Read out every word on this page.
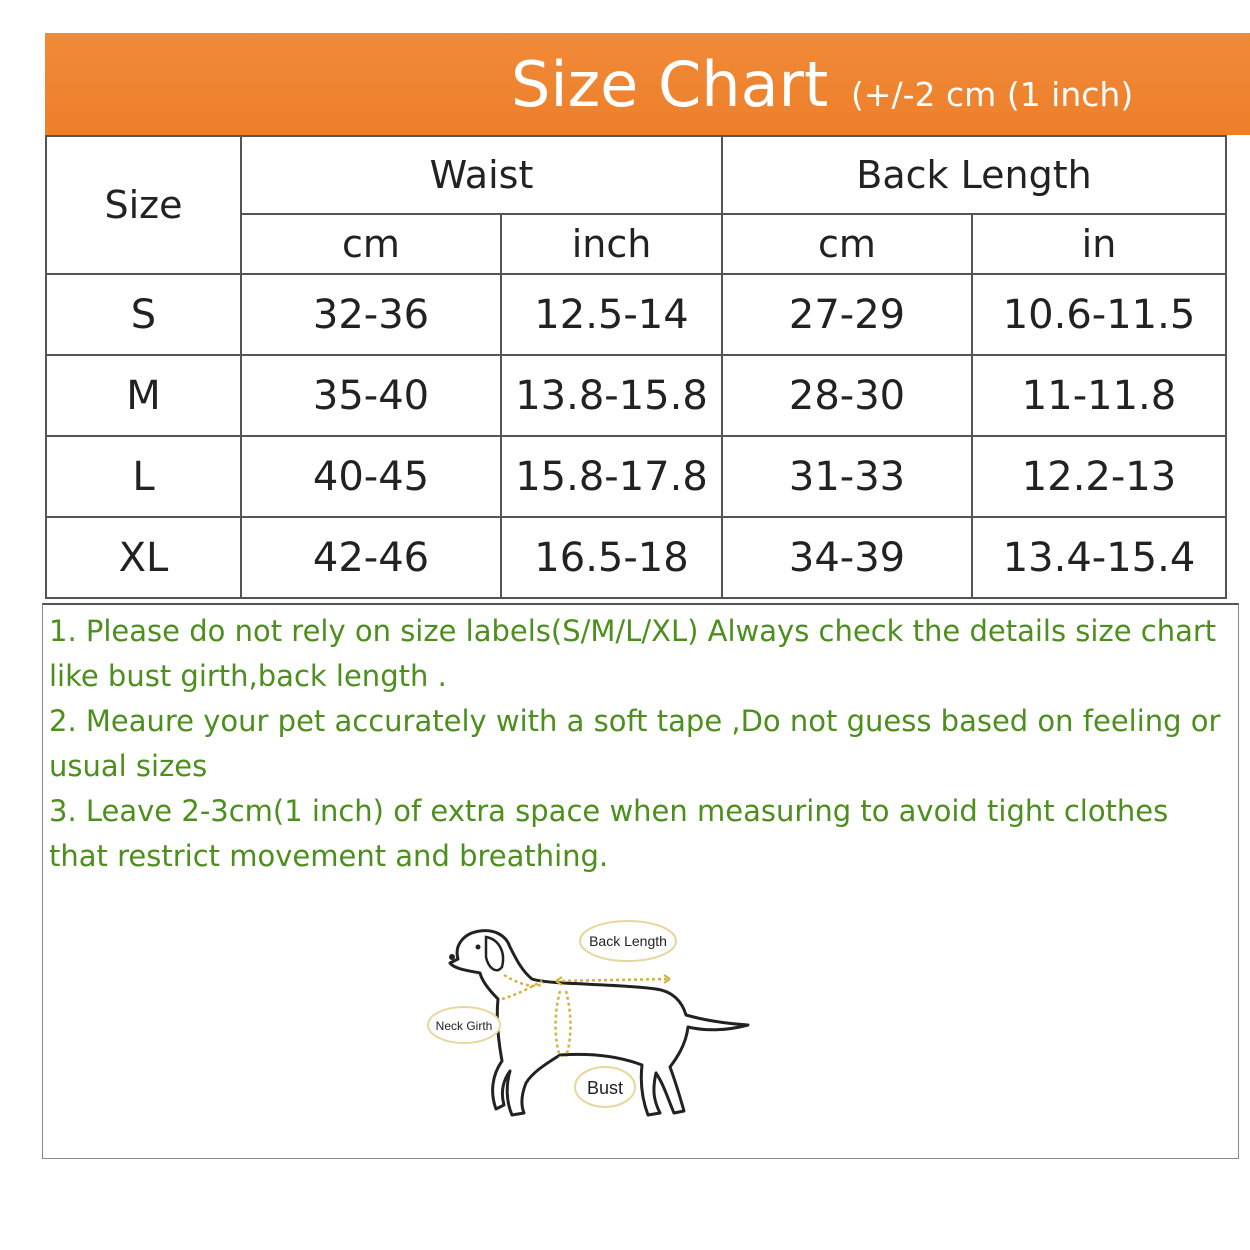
Size Chart (+/-2 cm (1 inch)
Size	Waist		Back Length	
	cm	inch	cm	in
S	32-36	12.5-14	27-29	10.6-11.5
M	35-40	13.8-15.8	28-30	11-11.8
L	40-45	15.8-17.8	31-33	12.2-13
XL	42-46	16.5-18	34-39	13.4-15.4

1. Please do not rely on size labels(S/M/L/XL) Always check the details size chart like bust girth,back length .

2. Meaure your pet accurately with a soft tape ,Do not guess based on feeling or usual sizes

3. Leave 2-3cm(1 inch) of extra space when measuring to avoid tight clothes that restrict movement and breathing.

Back Length
Neck Girth
Bust
